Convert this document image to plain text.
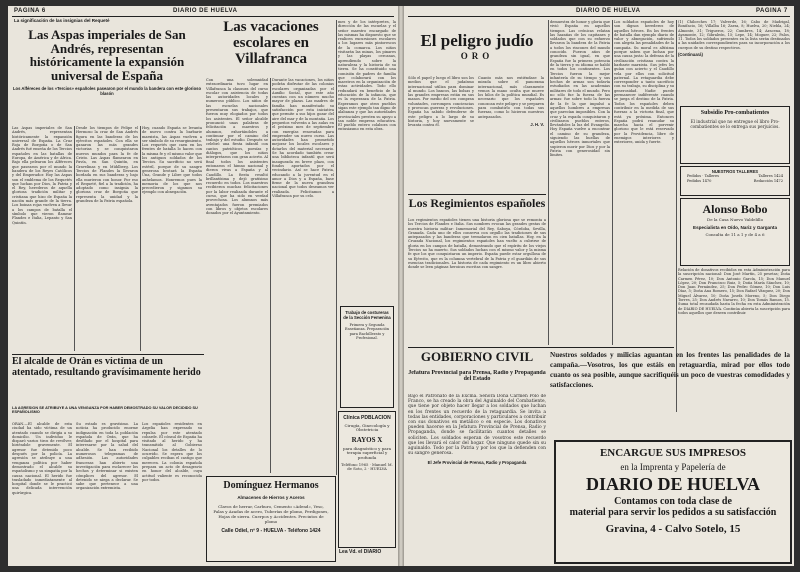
PAGINA 6	DIARIO DE HUELVA
La significación de las insignias del Requeté

Las Aspas imperiales de San Andrés, representan históricamente la expansión universal de España

Los Alféreces de los «Tercios» españoles pasearon por el mundo la bandera con este glorioso blasón

Las Aspas imperiales de San Andrés, representan históricamente la expansión universal de España. La Cruz Roja de Borgoña o de San Andrés fué enseña de los Tercios españoles en las batallas de Europa, de América y de Africa. Bajo ella pelearon los Alféreces que pasearon por el mundo la bandera de los Reyes Católicos y del Emperador. Hoy las Aspas son el emblema de los Requetés que luchan por Dios, la Patria y el Rey, herederos de aquella gloriosa tradición militar y cristiana que hizo de España la nación más grande de la tierra. Los boinas rojas vuelven a llevar a los campos de batalla el símbolo que vieron flamear Flandes e Italia, Lepanto y San Quintín.

Desde los tiempos de Felipe el Hermoso la cruz de San Andrés figura en las banderas de los ejércitos españoles. Con ella se ganaron las más grandes victorias y se conquistaron nuevos mundos para la fe de Cristo. Las Aspas flamearon en Pavía, en San Quintín, en Gravelinas y en Mühlberg. Los Tercios de Flandes la llevaron bordada en sus banderas y bajo ella murieron con honor. Por eso el Requeté, fiel a la tradición, ha adoptado como insignia la gloriosa cruz de Borgoña que representa la unidad y la grandeza de la Patria española.

Hoy, cuando España se levanta de nuevo contra la barbarie marxista, las Aspas vuelven a ser símbolo de su resurgimiento. Los requetés que caen en los frentes de batalla lo hacen con la misma fe y el mismo valor que los antiguos soldados de los Tercios. Su sacrificio no será estéril, porque de su sangre generosa brotará la España Una, Grande y Libre que todos anhelamos. Honremos pues la memoria de los que nos precedieron y sigamos su ejemplo con abnegación.

Las vacaciones escolares en Villafranca

Con una solemnidad extraordinaria tuvo lugar en Villafranca la clausura del curso escolar con asistencia de todas las autoridades locales y numeroso público. Los niños de las escuelas nacionales presentaron sus trabajos, que fueron muy elogiados por todos los asistentes. El señor alcalde pronunció unas palabras de felicitación a maestros y alumnos, exhortándoles a continuar por el camino del trabajo y del estudio. Después se celebró una fiesta infantil con cantos patrióticos, poesías y diálogos, que los niños interpretaron con gran acierto. Al final todos los asistentes entonaron el himno nacional y dieron vivas a España y al Caudillo. La fiesta resultó brillantísima y dejó gratísimo recuerdo en todos. Los maestros recibieron muchas felicitaciones por la labor realizada durante el curso, que ha sido en verdad provechosa. Los alumnos más aventajados fueron premiados con libros y objetos escolares donados por el Ayuntamiento.

Durante las vacaciones, los niños podrán disfrutar de las colonias escolares organizadas por el Auxilio Social, que este año cuentan con un número mucho mayor de plazas. Las madres de familia han manifestado su satisfacción por esta iniciativa que permite a sus hijos gozar del aire del mar y de la montaña. Los pequeños volverán a las aulas en el próximo mes de septiembre con energías renovadas para emprender un nuevo curso. Las autoridades han prometido mejorar los locales escolares y dotarlos del material necesario. Se ha acordado también crear una biblioteca infantil que será inaugurada en breve plazo, con fondos aportados por el vecindario. Así se hace Patria, educando a la juventud en el amor a Dios y a España, base firme de la nueva grandeza nacional que todos deseamos ver realizada. Felicitamos a Villafranca por su celo.

mes y de los intérpretes, la dirección de las escuelas y el señor maestro encargado de las mismas ha dispuesto que se realicen excursiones escolares a los lugares más pintorescos de la comarca. Los niños visitarán las minas, los pinares y las playas cercanas, aprendiendo sobre la naturaleza y la historia de su tierra. Se ha constituido una comisión de padres de familia que colaborará con los maestros en la organización de estas actividades. Todo ello redundará en beneficio de la educación de la infancia, que es la esperanza de la Patria. Esperamos que otros pueblos sigan este ejemplo tan digno de alabanza y que las autoridades provinciales presten su apoyo a tan noble empresa educativa. El pueblo entero colabora con entusiasmo en esta obra.

Trabajo de costureras de la Sección Femenina

Primera y Segunda Enseñanza. Preparación para Bachillerato y Profesional.

El alcalde de Orán es víctima de un atentado, resultando gravísimamente herido

LA AGRESION SE ATRIBUYE A UNA VENGANZA POR HABER DEMOSTRADO SU VALOR DECIDIDO SU ESPAÑOLISMO

ORAN.—El alcalde de esta ciudad ha sido víctima de un atentado cuando se dirigía a su domicilio. Un individuo le disparó varios tiros de revólver, hiriéndole gravemente. El agresor fue detenido poco después por la policía. La agresión se atribuye a una venganza política por haber demostrado el alcalde su españolismo y su simpatía por la causa nacional. El herido fue trasladado inmediatamente al hospital donde se le practicó una delicada intervención quirúrgica.

Su estado es gravísimo. La noticia ha producido enorme indignación en toda la población española de Orán, que ha desfilado por el hospital para interesarse por la salud del alcalde. Se han recibido numerosos telegramas de adhesión. Las autoridades francesas han abierto una investigación para esclarecer los hechos y determinar si existen cómplices del agresor. El detenido se niega a declarar. Se sabe que pertenece a una organización extremista.

Los españoles residentes en Argelia han expresado su repulsa por este atentado cobarde. El cónsul de España ha visitado al herido y ha transmitido al Gobierno Nacional los detalles de lo ocurrido. Se espera que los culpables reciban el castigo que merecen. La colonia española prepara un acto de desagravio en honor del alcalde, cuya actitud valiente es reconocida por todos.

Domínguez Hermanos

Almacenes de Hierros y Aceros

Clavos de herrar, Carburo, Cemento «Adend», Yeso, Palas y Azadas de acero, Tuberías de plomo, Perdigones, Hojas de sierra. Cuerpos y Accidentes. Precintos de plomo

Calle Odiel, nº 9 - HUELVA - Teléfono 1424

Clínica PDBLACION

Cirugía, Ginecología y Obstetricia

RAYOS X

para diagnóstico y para terapia superficial y profunda

Teléfono 1965 · Manuel M. de Soto, 2 · HUELVA

Lea Vd. el DIARIO
DIARIO DE HUELVA	PAGINA 7

El peligro judío

ORO

Sólo el papel y luego el libro son los medios que el judaísmo internacional utiliza para dominar al mundo. Los bancos, las bolsas y las grandes empresas están en sus manos. Por medio del oro compran voluntades, corrompen conciencias y provocan guerras y revoluciones. España ha sabido defenderse de este peligro a lo largo de su historia, y hoy nuevamente se levanta contra él.

Cuanto más nos extiéndase la mirada sobre el panorama internacional, más claramente vemos la mano oculta que mueve los hilos de la política mundial. Es necesario que los españoles conozcan este peligro y se preparen para combatirlo con todas sus fuerzas, como lo hicieron nuestros antepasados.

J. H. V.

Los Regimientos españoles

Los regimientos españoles tienen una historia gloriosa que se remonta a los Tercios de Flandes e Italia. Sus nombres evocan las grandes gestas de nuestra historia militar: Inmemorial del Rey, Saboya, Córdoba, Sevilla, Granada. Cada uno de ellos conserva con orgullo las tradiciones de sus antepasados y las banderas que tremolaron en cien batallas. Hoy, en la Cruzada Nacional, los regimientos españoles han vuelto a cubrirse de gloria en los campos de batalla, demostrando que el espíritu de los viejos Tercios no ha muerto. Sus soldados luchan con el mismo valor y la misma fe que los que conquistaron un imperio. España puede estar orgullosa de su Ejército, que es la columna vertebral de la Patria y el guardián de sus esencias tradicionales. La historia de cada regimiento es un libro abierto donde se leen páginas heroicas escritas con sangre.

demuestra de honor y gloria que vivió España en aquellos tiempos. Las crónicas relatan las hazañas de los capitanes y soldados que con su esfuerzo llevaron la bandera de la Patria a todos los rincones del mundo conocido. Fueron años de grandeza sin igual, en que España fue la primera potencia de la tierra y su idioma se habló en todos los continentes. Los Tercios fueron la mejor infantería de su tiempo y sus hechos de armas son todavía estudiados en las academias militares de todo el mundo. Pero no sólo fue la fuerza de las armas: fue sobre todo la fuerza de la fe la que impulsó a aquellos hombres a empresas que parecían imposibles. Con la cruz y la espada conquistaron y civilizaron pueblos enteros, llevándoles la luz del Evangelio. Hoy España vuelve a encontrar el camino de su grandeza, siguiendo las huellas de aquellos héroes inmortales que supieron morir por Dios y por la Patria con generosidad sin límites.

Los soldados españoles de hoy son dignos herederos de aquellos héroes. En los frentes de batalla dan ejemplo diario de valor y abnegación, sufriendo con alegría las penalidades de la campaña. Su moral es altísima porque saben que luchan por una causa justa: la defensa de la civilización cristiana contra la barbarie marxista. Sus jefes les guían con acierto y el Caudillo vela por ellos con solicitud paternal. La retaguardia debe corresponder a tanto sacrificio con su trabajo, su disciplina y su generosidad. Nadie puede permanecer indiferente cuando se juega el destino de la Patria. Todos los españoles deben contribuir en la medida de sus fuerzas a la victoria final, que está ya próxima. Entonces España podrá reanudar su marcha hacia el porvenir glorioso que le está reservado por la Providencia, libre de enemigos interiores y exteriores, unida y fuerte.

(1) Chiloeches 17; Valverde, 16; Cabo de Madrigal, Bonifacio, 16; Villalba 16; Zarza, 8; Huelva, 20; Niebla, 24; Almonte, 31; Trigueros, 22; Cumbres, 14; Aracena, 18; Ayamonte, 12; Gibraleón, 15; Lepe, 14; Moguer, 22; Palos, 11. Todos los soldados presentes en la lista serán destinados a las unidades correspondientes para su incorporación a los cuerpos de su destino respectivos.

(Continuará)

Subsidio Pro-combatientes

El industrial que no entregue el libro Pro-combatientes se lo entrega sus perjuicios.

NUESTROS TALLERES

Pedidos · Talleres	Talleres 1424
Pedidos 1470	Redacción 1472

Alonso Bobo

De la Casa Nuevo Valdelillo

Especialista en Oído, Nariz y Garganta

Consulta de 11 a 1 y de 4 a 6

Relación de donativos recibidos en esta Administración para la suscripción nacional: Don José Martín, 25 pesetas; Doña Carmen Pérez, 10; Don Antonio García, 15; Don Manuel López, 20; Don Francisco Ruiz, 5; Doña María Sánchez, 10; Don Juan Fernández, 25; Don Pedro Gómez, 10; Don Luis Díaz, 5; Doña Ana Romero, 15; Don Rafael Vázquez, 20; Don Miguel Álvarez, 10; Doña Josefa Moreno, 5; Don Diego Torres, 25; Don Andrés Navarro, 10; Don Tomás Ramos, 15. Suma total recaudada hasta la fecha en esta Administración de DIARIO DE HUELVA. Continúa abierta la suscripción para todos aquellos que deseen contribuir.

GOBIERNO CIVIL

Jefatura Provincial para Prensa, Radio y Propaganda del Estado

Bajo el Patronato de la Excma. Señora Doña Carmen Polo de Franco, se ha creado la obra del Aguinaldo del Combatiente, que tiene por objeto hacer llegar a los soldados que luchan en los frentes un recuerdo de la retaguardia. Se invita a todas las entidades, corporaciones y particulares a contribuir con sus donativos en metálico o en especie. Los donativos pueden hacerse en la Jefatura Provincial de Prensa, Radio y Propaganda, donde se facilitarán cuantos detalles se soliciten. Los soldados esperan de vosotros este recuerdo que les llevará el calor del hogar. Que ninguno quede sin su aguinaldo. Todo por la Patria y por los que la defienden con su sangre generosa.

El Jefe Provincial de Prensa, Radio y Propaganda

Nuestros soldados y milicias aguantan en los frentes las penalidades de la campaña.—Vosotros, los que estáis en retaguardia, mirad por ellos todo cuanto os sea posible, aunque sacrifiquéis un poco de vuestras comodidades y satisfacciones.

ENCARGUE SUS IMPRESOS

en la Imprenta y Papelería de

DIARIO DE HUELVA

Contamos con toda clase de

material para servir los pedidos a su satisfacción

Gravina, 4 - Calvo Sotelo, 15
